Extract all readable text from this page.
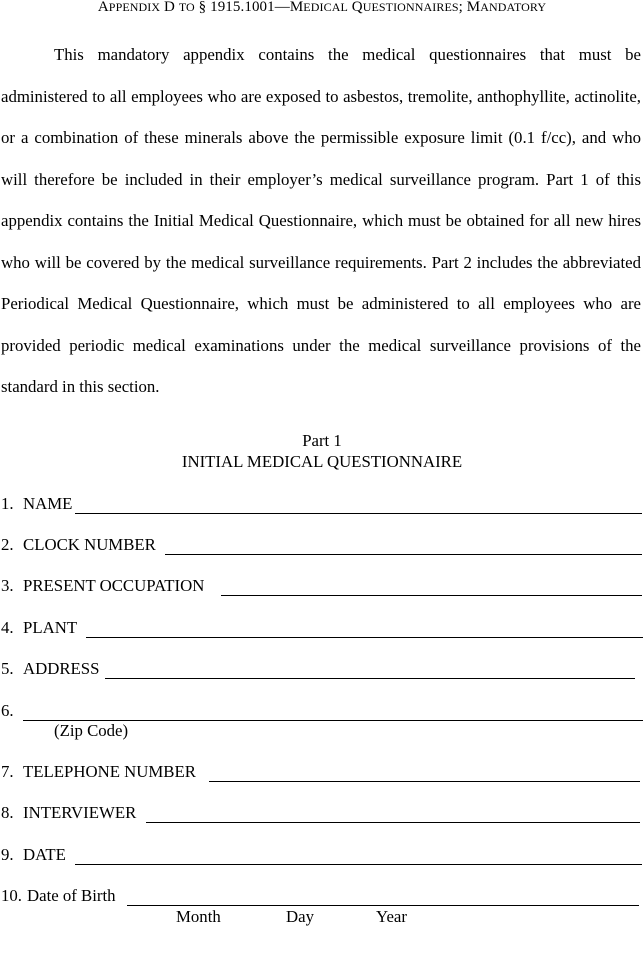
APPENDIX D TO § 1915.1001—MEDICAL QUESTIONNAIRES; MANDATORY

This mandatory appendix contains the medical questionnaires that must be administered to all employees who are exposed to asbestos, tremolite, anthophyllite, actinolite, or a combination of these minerals above the permissible exposure limit (0.1 f/cc), and who will therefore be included in their employer’s medical surveillance program. Part 1 of this appendix contains the Initial Medical Questionnaire, which must be obtained for all new hires who will be covered by the medical surveillance requirements. Part 2 includes the abbreviated Periodical Medical Questionnaire, which must be administered to all employees who are provided periodic medical examinations under the medical surveillance provisions of the standard in this section.

Part 1
INITIAL MEDICAL QUESTIONNAIRE
1. NAME
2. CLOCK NUMBER
3. PRESENT OCCUPATION
4. PLANT
5. ADDRESS
6.
(Zip Code)
7. TELEPHONE NUMBER
8. INTERVIEWER
9. DATE
10. Date of Birth
Month	Day	Year
